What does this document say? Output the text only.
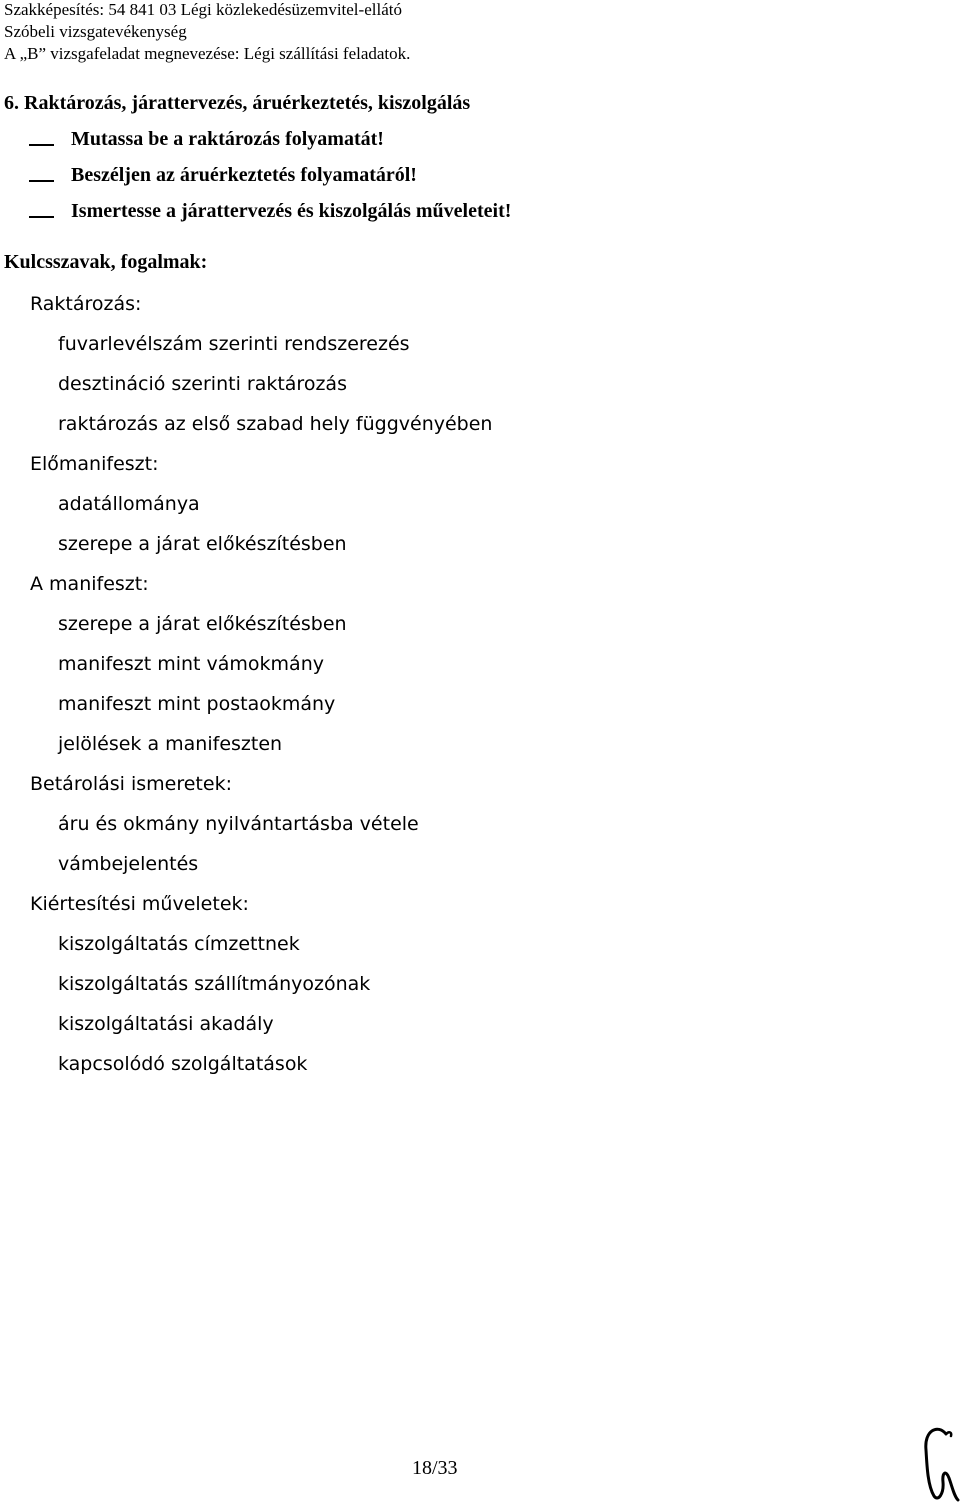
Szakképesítés: 54 841 03 Légi közlekedésüzemvitel-ellátó
Szóbeli vizsgatevékenység
A „B” vizsgafeladat megnevezése: Légi szállítási feladatok.
6. Raktározás, járattervezés, áruérkeztetés, kiszolgálás
Mutassa be a raktározás folyamatát!
Beszéljen az áruérkeztetés folyamatáról!
Ismertesse a járattervezés és kiszolgálás műveleteit!
Kulcsszavak, fogalmak:
Raktározás:
fuvarlevélszám szerinti rendszerezés
desztináció szerinti raktározás
raktározás az első szabad hely függvényében
Előmanifeszt:
adatállománya
szerepe a járat előkészítésben
A manifeszt:
szerepe a járat előkészítésben
manifeszt mint vámokmány
manifeszt mint postaokmány
jelölések a manifeszten
Betárolási ismeretek:
áru és okmány nyilvántartásba vétele
vámbejelentés
Kiértesítési műveletek:
kiszolgáltatás címzettnek
kiszolgáltatás szállítmányozónak
kiszolgáltatási akadály
kapcsolódó szolgáltatások
18/33
